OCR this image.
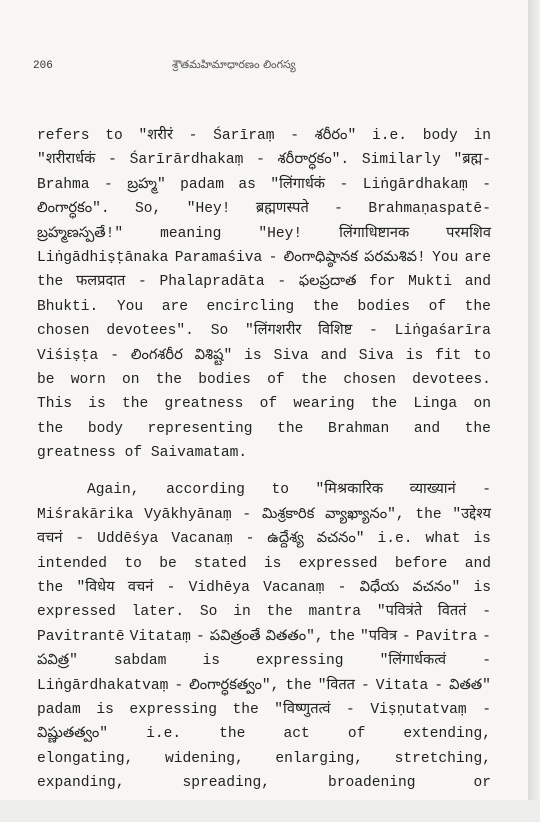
206	శ్రౌతమహిమాధారణం లింగస్య
refers to "शरीरं - Śarīraṃ - శరీరం" i.e. body in
"शरीरार्धकं - Śarīrārdhakaṃ - శరీరార్ధకం". Similarly "ब्रह्म-
Brahma - బ్రహ్మ" padam as "लिंगार्धकं - Liṅgārdhakaṃ -
లింగార్ధకం". So, "Hey! ब्रह्मणस्पते - Brahmaṇaspatē-
బ్రహ్మణస్పతే!"	meaning	"Hey!	लिंगाधिष्टानक	परमशिव
Liṅgādhiṣṭānaka Paramaśiva - లింగాధిష్ఠానక పరమశివ! You are
the फलप्रदात - Phalapradāta - ఫలప్రదాత for Mukti and
Bhukti. You are encircling the bodies of the
chosen devotees". So "लिंगशरीर विशिष्ट - Liṅgaśarīra
Viśiṣṭa - లింగశరీర విశిష్ట" is Siva and Siva is fit to
be worn on the bodies of the chosen devotees.
This is the greatness of wearing the Linga on
the body representing the Brahman and the
greatness of Saivamatam.
Again, according to "मिश्रकारिक व्याख्यानं -
Miśrakārika Vyākhyānaṃ - మిశ్రకారిక వ్యాఖ్యానం", the "उद्देश्य
वचनं - Uddēśya Vacanaṃ - ఉద్దేశ్య వచనం" i.e. what is
intended to be stated is expressed before and
the "विधेय वचनं - Vidhēya Vacanaṃ - విధేయ వచనం" is
expressed later. So in the mantra "पवित्रंते विततं -
Pavitrantē Vitataṃ - పవిత్రంతే వితతం", the "पवित्र - Pavitra -
పవిత్ర" sabdam is expressing "लिंगार्धकत्वं -
Liṅgārdhakatvaṃ - లింగార్ధకత్వం", the "वितत - Vitata - వితత"
padam is expressing the "विष्णुतत्वं - Viṣṇutatvaṃ -
విష్ణుతత్వం"	i.e.	the	act	of	extending,
elongating, widening, enlarging, stretching,
expanding,	spreading,	broadening	or
